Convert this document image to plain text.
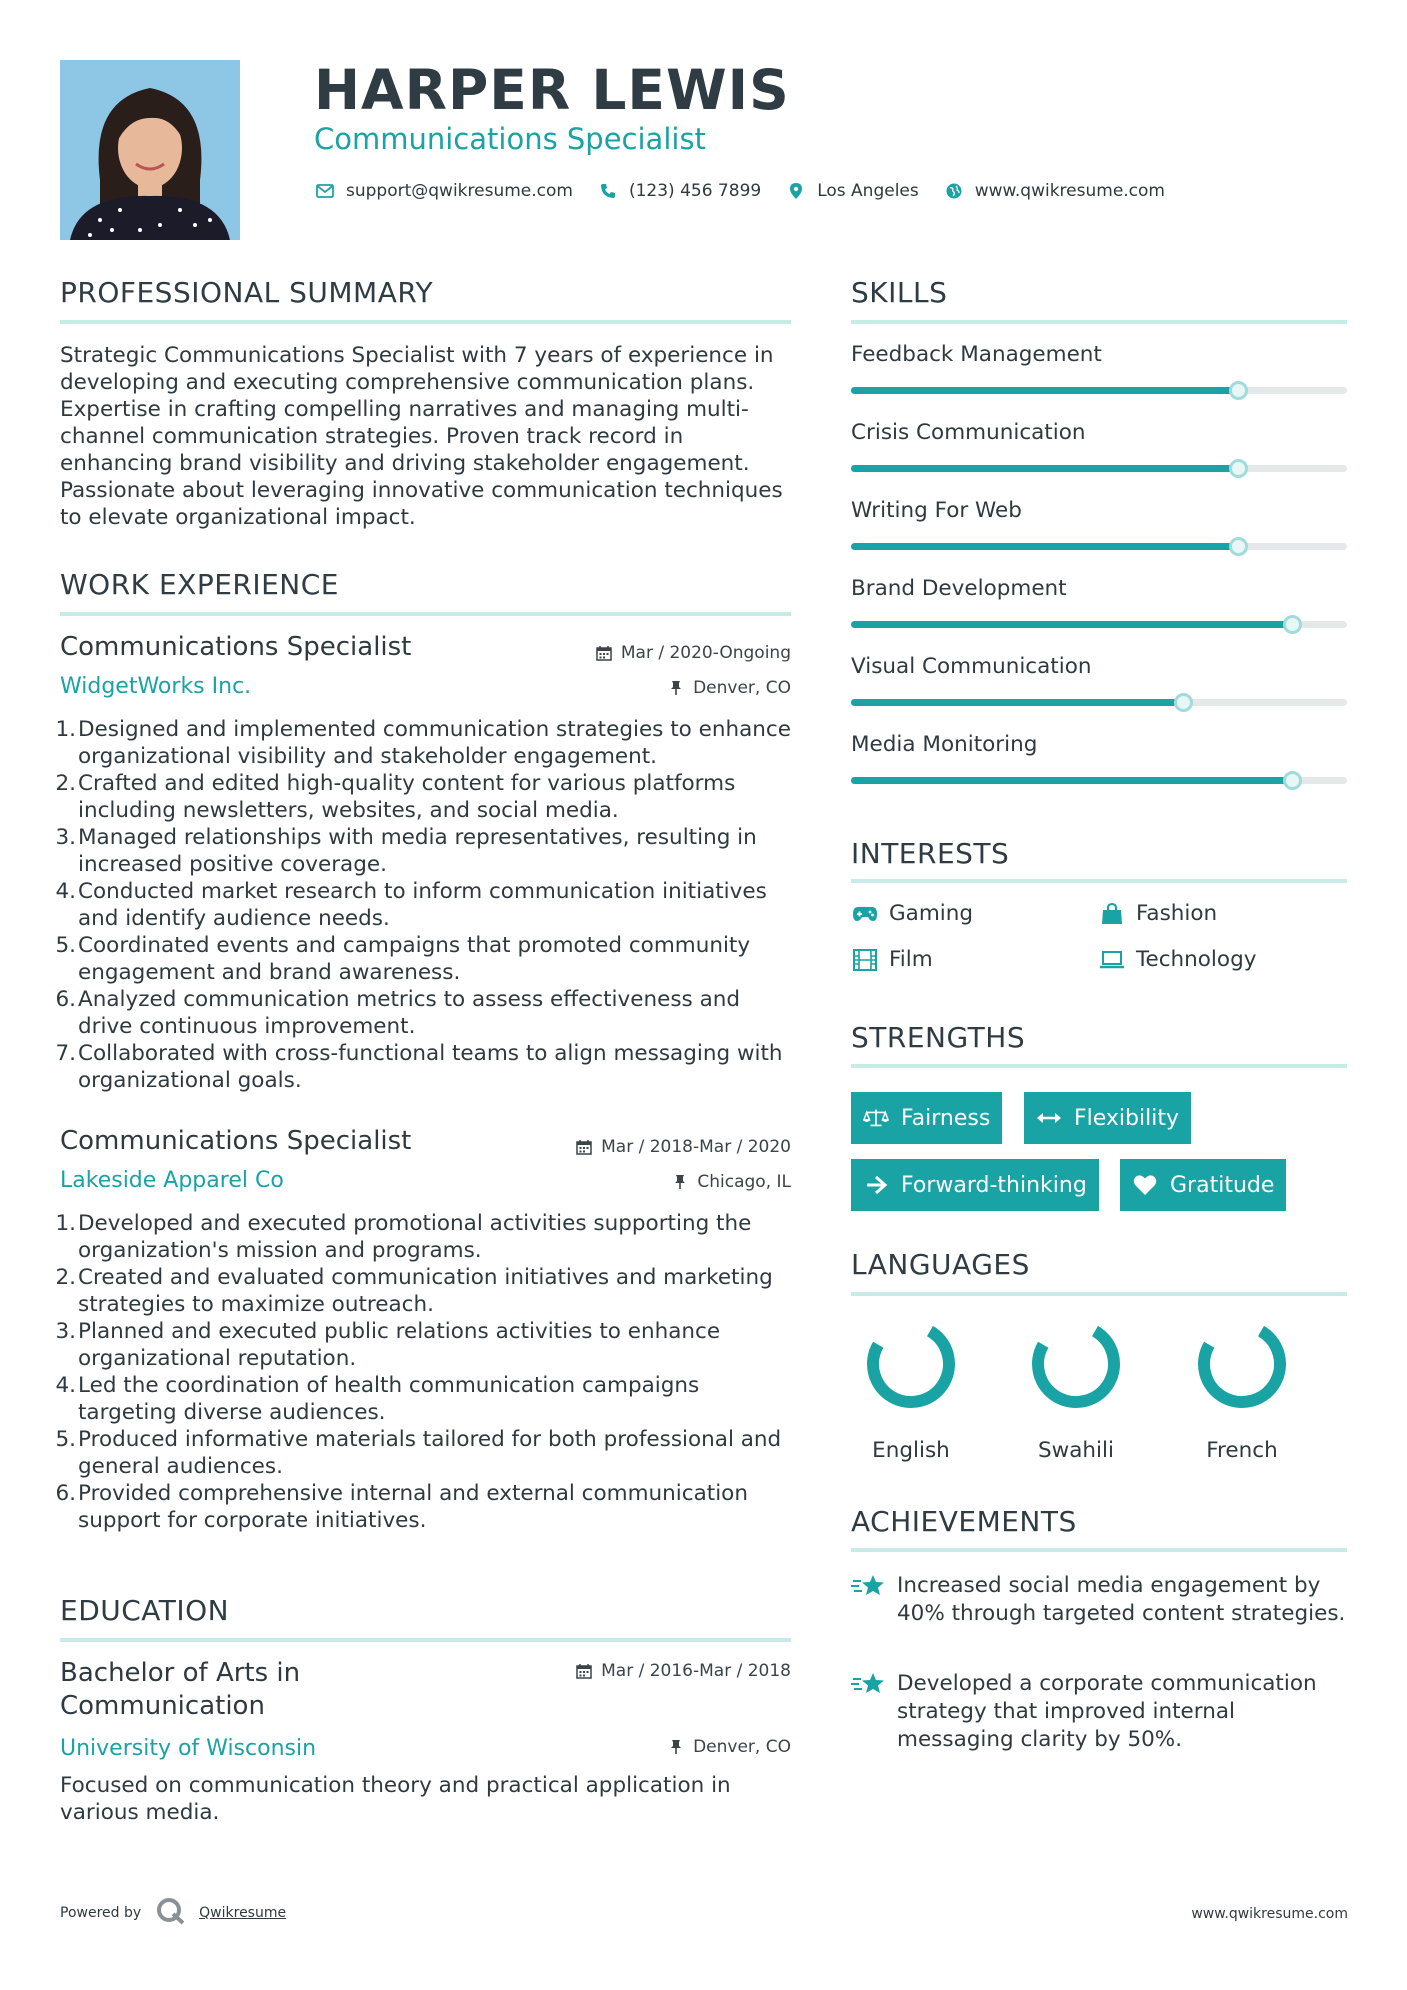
HARPER LEWIS
Communications Specialist
support@qwikresume.com	(123) 456 7899	Los Angeles	www.qwikresume.com
PROFESSIONAL SUMMARY
Strategic Communications Specialist with 7 years of experience in developing and executing comprehensive communication plans. Expertise in crafting compelling narratives and managing multi-channel communication strategies. Proven track record in enhancing brand visibility and driving stakeholder engagement. Passionate about leveraging innovative communication techniques to elevate organizational impact.
WORK EXPERIENCE
Communications Specialist	Mar / 2020-Ongoing
WidgetWorks Inc.	Denver, CO
1. Designed and implemented communication strategies to enhance organizational visibility and stakeholder engagement.
2. Crafted and edited high-quality content for various platforms including newsletters, websites, and social media.
3. Managed relationships with media representatives, resulting in increased positive coverage.
4. Conducted market research to inform communication initiatives and identify audience needs.
5. Coordinated events and campaigns that promoted community engagement and brand awareness.
6. Analyzed communication metrics to assess effectiveness and drive continuous improvement.
7. Collaborated with cross-functional teams to align messaging with organizational goals.
Communications Specialist	Mar / 2018-Mar / 2020
Lakeside Apparel Co	Chicago, IL
1. Developed and executed promotional activities supporting the organization's mission and programs.
2. Created and evaluated communication initiatives and marketing strategies to maximize outreach.
3. Planned and executed public relations activities to enhance organizational reputation.
4. Led the coordination of health communication campaigns targeting diverse audiences.
5. Produced informative materials tailored for both professional and general audiences.
6. Provided comprehensive internal and external communication support for corporate initiatives.
EDUCATION
Bachelor of Arts in Communication
Mar / 2016-Mar / 2018
University of Wisconsin	Denver, CO
Focused on communication theory and practical application in various media.
SKILLS
Feedback Management
Crisis Communication
Writing For Web
Brand Development
Visual Communication
Media Monitoring
INTERESTS
Gaming	Fashion
Film	Technology
STRENGTHS
Fairness	Flexibility
Forward-thinking	Gratitude
LANGUAGES
English	Swahili	French
ACHIEVEMENTS
Increased social media engagement by 40% through targeted content strategies.
Developed a corporate communication strategy that improved internal messaging clarity by 50%.
Powered by	Qwikresume	www.qwikresume.com
